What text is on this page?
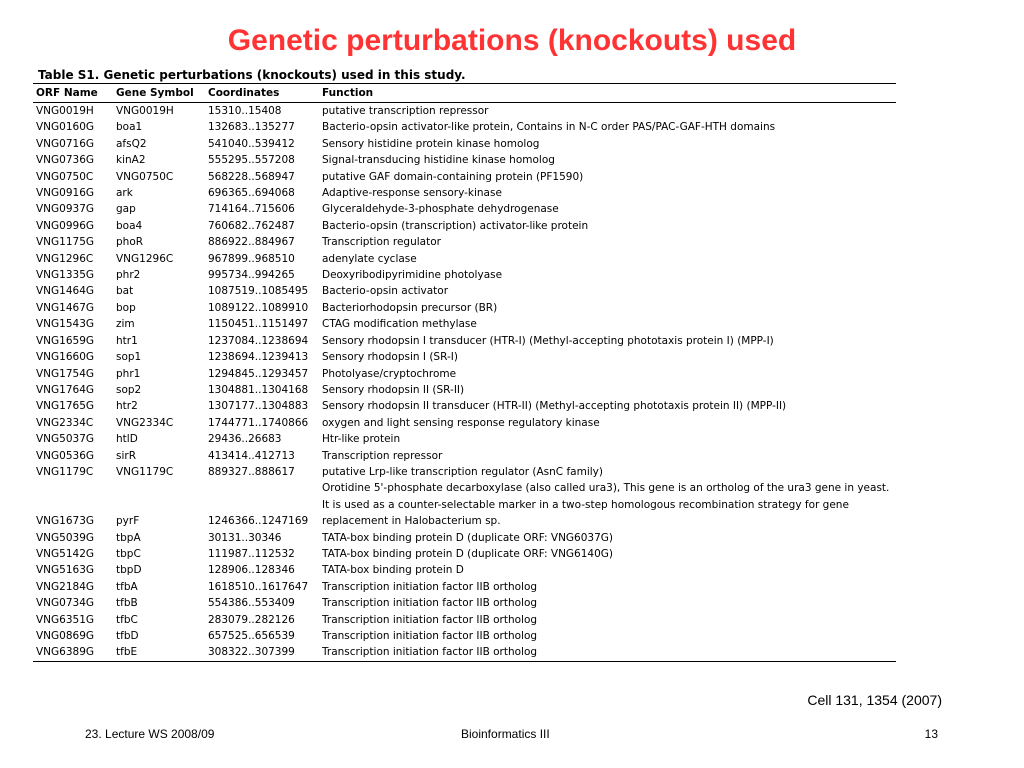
Genetic perturbations (knockouts) used
Table S1. Genetic perturbations (knockouts) used in this study.
ORF Name	Gene Symbol	Coordinates	Function
VNG0019H	VNG0019H	15310..15408	putative transcription repressor
VNG0160G	boa1	132683..135277	Bacterio-opsin activator-like protein, Contains in N-C order PAS/PAC-GAF-HTH domains
VNG0716G	afsQ2	541040..539412	Sensory histidine protein kinase homolog
VNG0736G	kinA2	555295..557208	Signal-transducing histidine kinase homolog
VNG0750C	VNG0750C	568228..568947	putative GAF domain-containing protein (PF1590)
VNG0916G	ark	696365..694068	Adaptive-response sensory-kinase
VNG0937G	gap	714164..715606	Glyceraldehyde-3-phosphate dehydrogenase
VNG0996G	boa4	760682..762487	Bacterio-opsin (transcription) activator-like protein
VNG1175G	phoR	886922..884967	Transcription regulator
VNG1296C	VNG1296C	967899..968510	adenylate cyclase
VNG1335G	phr2	995734..994265	Deoxyribodipyrimidine photolyase
VNG1464G	bat	1087519..1085495	Bacterio-opsin activator
VNG1467G	bop	1089122..1089910	Bacteriorhodopsin precursor (BR)
VNG1543G	zim	1150451..1151497	CTAG modification methylase
VNG1659G	htr1	1237084..1238694	Sensory rhodopsin I transducer (HTR-I) (Methyl-accepting phototaxis protein I) (MPP-I)
VNG1660G	sop1	1238694..1239413	Sensory rhodopsin I (SR-I)
VNG1754G	phr1	1294845..1293457	Photolyase/cryptochrome
VNG1764G	sop2	1304881..1304168	Sensory rhodopsin II (SR-II)
VNG1765G	htr2	1307177..1304883	Sensory rhodopsin II transducer (HTR-II) (Methyl-accepting phototaxis protein II) (MPP-II)
VNG2334C	VNG2334C	1744771..1740866	oxygen and light sensing response regulatory kinase
VNG5037G	htlD	29436..26683	Htr-like protein
VNG0536G	sirR	413414..412713	Transcription repressor
VNG1179C	VNG1179C	889327..888617	putative Lrp-like transcription regulator (AsnC family)
VNG1673G	pyrF	1246366..1247169	Orotidine 5'-phosphate decarboxylase (also called ura3), This gene is an ortholog of the ura3 gene in yeast. It is used as a counter-selectable marker in a two-step homologous recombination strategy for gene replacement in Halobacterium sp.
VNG5039G	tbpA	30131..30346	TATA-box binding protein D (duplicate ORF: VNG6037G)
VNG5142G	tbpC	111987..112532	TATA-box binding protein D (duplicate ORF: VNG6140G)
VNG5163G	tbpD	128906..128346	TATA-box binding protein D
VNG2184G	tfbA	1618510..1617647	Transcription initiation factor IIB ortholog
VNG0734G	tfbB	554386..553409	Transcription initiation factor IIB ortholog
VNG6351G	tfbC	283079..282126	Transcription initiation factor IIB ortholog
VNG0869G	tfbD	657525..656539	Transcription initiation factor IIB ortholog
VNG6389G	tfbE	308322..307399	Transcription initiation factor IIB ortholog
Cell 131, 1354 (2007)
23. Lecture WS 2008/09	Bioinformatics III	13
